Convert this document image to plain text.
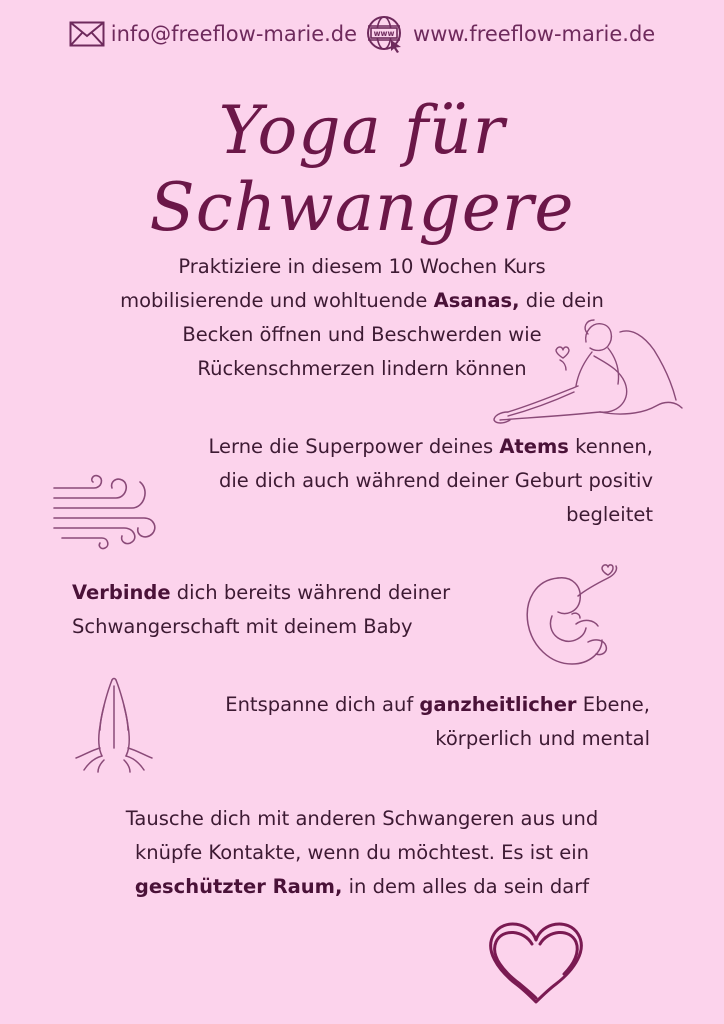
info@freeflow-marie.de www www.freeflow-marie.de
Yoga für Schwangere
Praktiziere in diesem 10 Wochen Kurs
mobilisierende und wohltuende Asanas, die dein
Becken öffnen und Beschwerden wie
Rückenschmerzen lindern können
Lerne die Superpower deines Atems kennen,
die dich auch während deiner Geburt positiv
begleitet
Verbinde dich bereits während deiner
Schwangerschaft mit deinem Baby
Entspanne dich auf ganzheitlicher Ebene,
körperlich und mental
Tausche dich mit anderen Schwangeren aus und
knüpfe Kontakte, wenn du möchtest. Es ist ein
geschützter Raum, in dem alles da sein darf
